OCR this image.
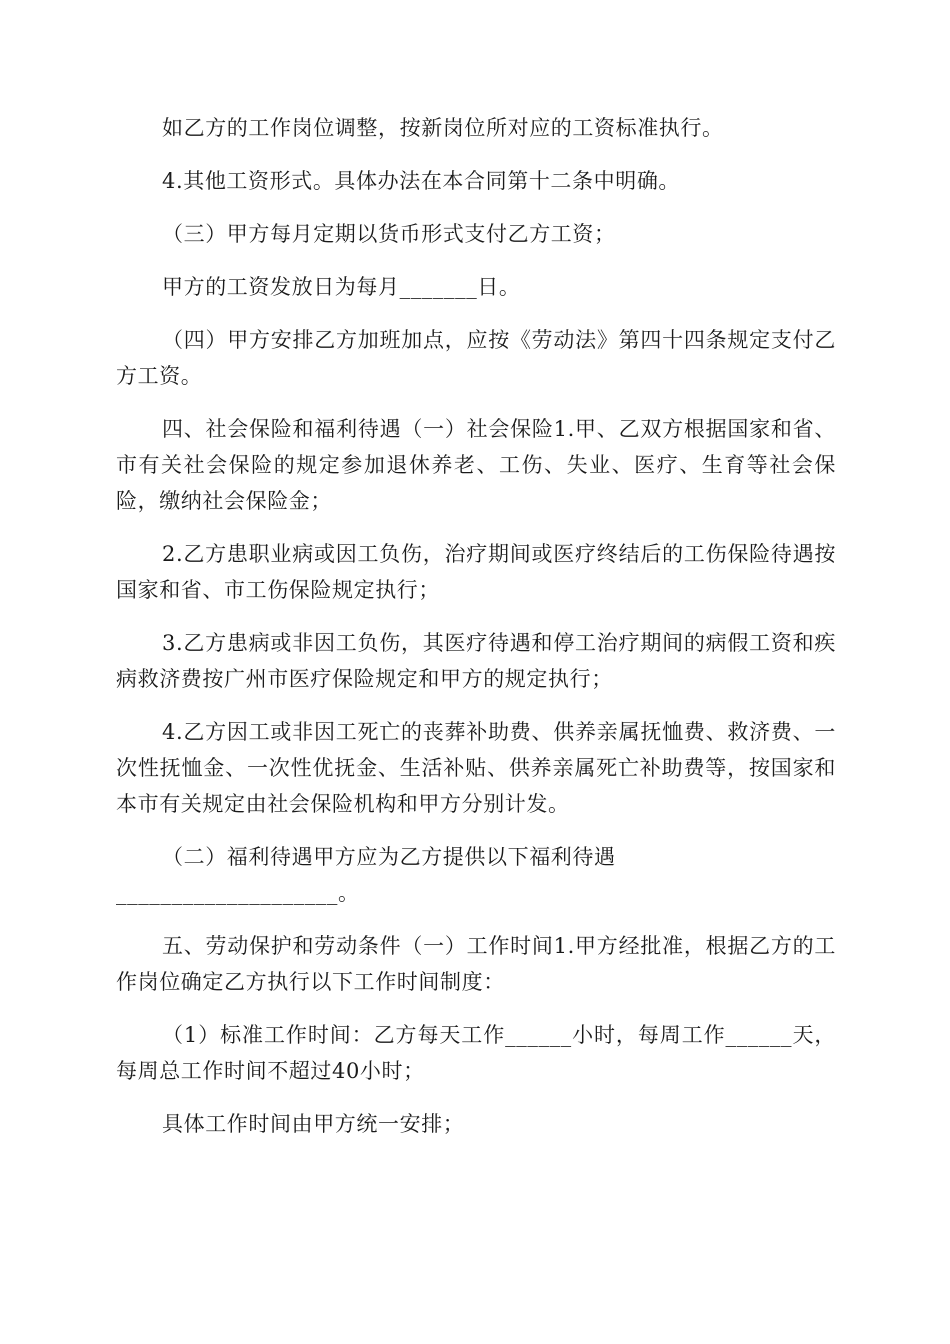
如乙方的工作岗位调整，按新岗位所对应的工资标准执行。

4.其他工资形式。具体办法在本合同第十二条中明确。

（三）甲方每月定期以货币形式支付乙方工资；

甲方的工资发放日为每月_______日。

（四）甲方安排乙方加班加点，应按《劳动法》第四十四条规定支付乙方工资。

四、社会保险和福利待遇（一）社会保险1.甲、乙双方根据国家和省、市有关社会保险的规定参加退休养老、工伤、失业、医疗、生育等社会保险，缴纳社会保险金；

2.乙方患职业病或因工负伤，治疗期间或医疗终结后的工伤保险待遇按国家和省、市工伤保险规定执行；

3.乙方患病或非因工负伤，其医疗待遇和停工治疗期间的病假工资和疾病救济费按广州市医疗保险规定和甲方的规定执行；

4.乙方因工或非因工死亡的丧葬补助费、供养亲属抚恤费、救济费、一次性抚恤金、一次性优抚金、生活补贴、供养亲属死亡补助费等，按国家和本市有关规定由社会保险机构和甲方分别计发。

（二）福利待遇甲方应为乙方提供以下福利待遇

____________________。

五、劳动保护和劳动条件（一）工作时间1.甲方经批准，根据乙方的工作岗位确定乙方执行以下工作时间制度：

（1）标准工作时间：乙方每天工作______小时，每周工作______天，每周总工作时间不超过40小时；

具体工作时间由甲方统一安排；
